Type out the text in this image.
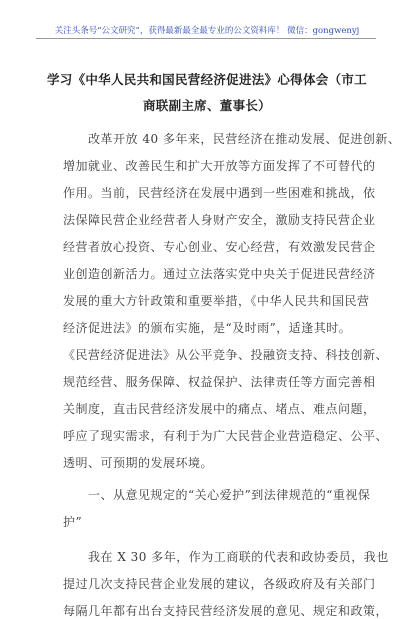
关注头条号“公文研究”，获得最新最全最专业的公文资料库！ 微信：gongwenyj
学习《中华人民共和国民营经济促进法》心得体会（市工
商联副主席、董事长）
改革开放 40 多年来，民营经济在推动发展、促进创新、
增加就业、改善民生和扩大开放等方面发挥了不可替代的
作用。当前，民营经济在发展中遇到一些困难和挑战，依
法保障民营企业经营者人身财产安全，激励支持民营企业
经营者放心投资、专心创业、安心经营，有效激发民营企
业创造创新活力。通过立法落实党中央关于促进民营经济
发展的重大方针政策和重要举措，《中华人民共和国民营
经济促进法》的颁布实施，是“及时雨”，适逢其时。
《民营经济促进法》从公平竞争、投融资支持、科技创新、
规范经营、服务保障、权益保护、法律责任等方面完善相
关制度，直击民营经济发展中的痛点、堵点、难点问题，
呼应了现实需求，有利于为广大民营企业营造稳定、公平、
透明、可预期的发展环境。
一、从意见规定的“关心爱护”到法律规范的“重视保
护”
我在 X 30 多年，作为工商联的代表和政协委员，我也
提过几次支持民营企业发展的建议，各级政府及有关部门
每隔几年都有出台支持民营经济发展的意见、规定和政策，
